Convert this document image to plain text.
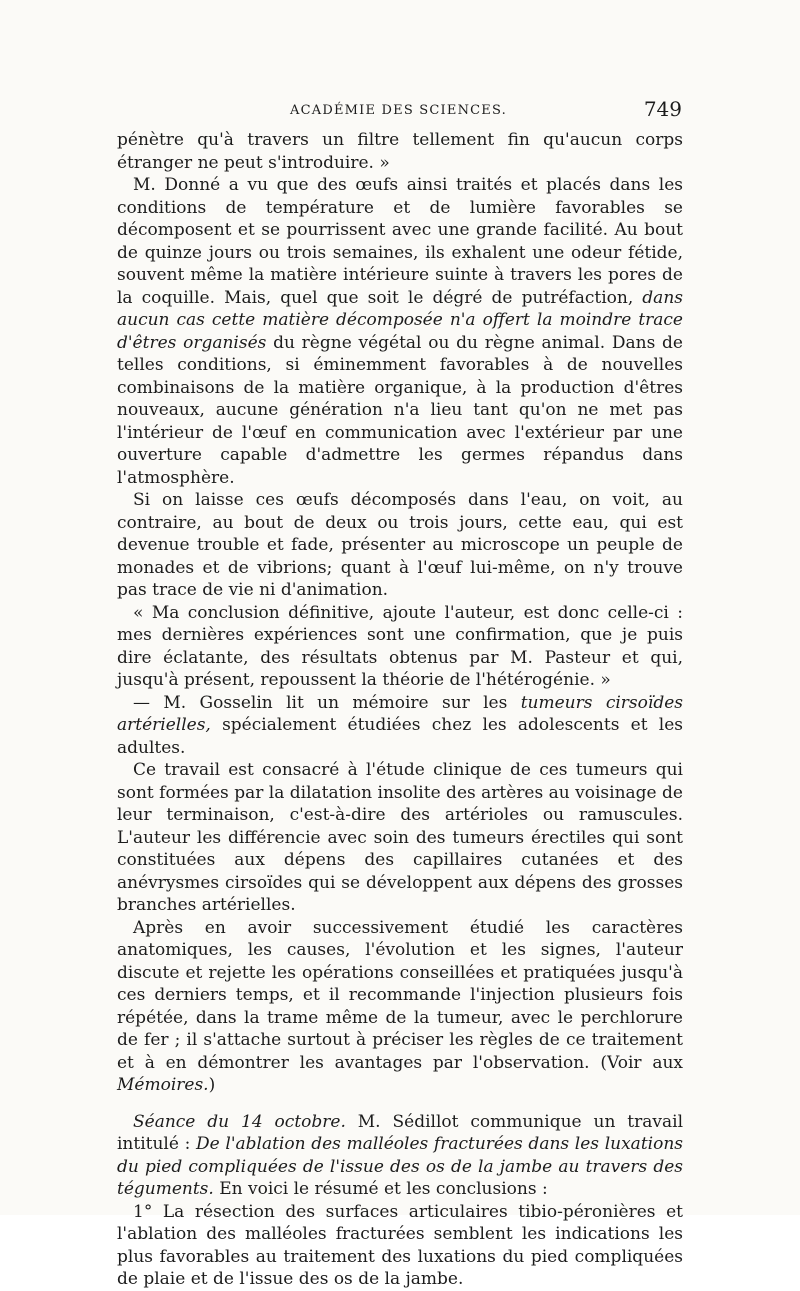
ACADÉMIE DES SCIENCES.	749

pénètre qu'à travers un filtre tellement fin qu'aucun corps étranger ne peut s'introduire. »

M. Donné a vu que des œufs ainsi traités et placés dans les conditions de température et de lumière favorables se décomposent et se pourrissent avec une grande facilité. Au bout de quinze jours ou trois semaines, ils exhalent une odeur fétide, souvent même la matière intérieure suinte à travers les pores de la coquille. Mais, quel que soit le dégré de putréfaction, dans aucun cas cette matière décomposée n'a offert la moindre trace d'êtres organisés du règne végétal ou du règne animal. Dans de telles conditions, si éminemment favorables à de nouvelles combinaisons de la matière organique, à la production d'êtres nouveaux, aucune génération n'a lieu tant qu'on ne met pas l'intérieur de l'œuf en communication avec l'extérieur par une ouverture capable d'admettre les germes répandus dans l'atmosphère.

Si on laisse ces œufs décomposés dans l'eau, on voit, au contraire, au bout de deux ou trois jours, cette eau, qui est devenue trouble et fade, présenter au microscope un peuple de monades et de vibrions; quant à l'œuf lui-même, on n'y trouve pas trace de vie ni d'animation.

« Ma conclusion définitive, ajoute l'auteur, est donc celle-ci : mes dernières expériences sont une confirmation, que je puis dire éclatante, des résultats obtenus par M. Pasteur et qui, jusqu'à présent, repoussent la théorie de l'hétérogénie. »

— M. Gosselin lit un mémoire sur les tumeurs cirsoïdes artérielles, spécialement étudiées chez les adolescents et les adultes.

Ce travail est consacré à l'étude clinique de ces tumeurs qui sont formées par la dilatation insolite des artères au voisinage de leur terminaison, c'est-à-dire des artérioles ou ramuscules. L'auteur les différencie avec soin des tumeurs érectiles qui sont constituées aux dépens des capillaires cutanées et des anévrysmes cirsoïdes qui se développent aux dépens des grosses branches artérielles.

Après en avoir successivement étudié les caractères anatomiques, les causes, l'évolution et les signes, l'auteur discute et rejette les opérations conseillées et pratiquées jusqu'à ces derniers temps, et il recommande l'injection plusieurs fois répétée, dans la trame même de la tumeur, avec le perchlorure de fer ; il s'attache surtout à préciser les règles de ce traitement et à en démontrer les avantages par l'observation. (Voir aux Mémoires.)

Séance du 14 octobre. M. Sédillot communique un travail intitulé : De l'ablation des malléoles fracturées dans les luxations du pied compliquées de l'issue des os de la jambe au travers des téguments. En voici le résumé et les conclusions :

1° La résection des surfaces articulaires tibio-péronières et l'ablation des malléoles fracturées semblent les indications les plus favorables au traitement des luxations du pied compliquées de plaie et de l'issue des os de la jambe.
